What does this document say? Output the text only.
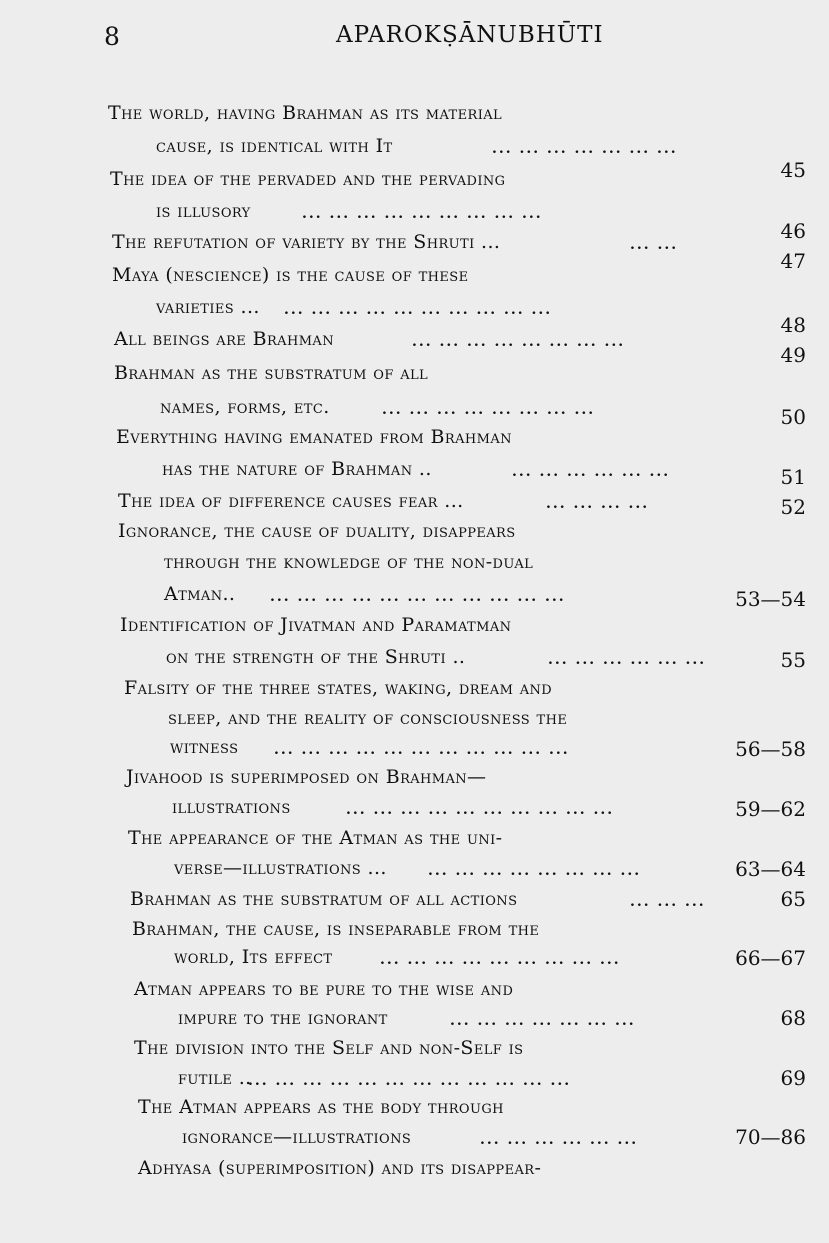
8	APAROKṢĀNUBHŪTI
The world, having Brahman as its material
cause, is identical with It	... ... ... ... ... ... ...
45
The idea of the pervaded and the pervading
is illusory	... ... ... ... ... ... ... ... ...
46
The refutation of variety by the Shruti ...	... ...
47
Maya (nescience) is the cause of these
varieties ... ... ... ... ... ... ... ... ... ... ...
48
All beings are Brahman	... ... ... ... ... ... ... ...
49
Brahman as the substratum of all
names, forms, etc.	... ... ... ... ... ... ... ...	50
Everything having emanated from Brahman
has the nature of Brahman ..	... ... ... ... ... ...	51
The idea of difference causes fear ...	... ... ... ...	52
Ignorance, the cause of duality, disappears
through the knowledge of the non-dual
Atman.. ... ... ... ... ... ... ... ... ... ... ...	53—54
Identification of Jivatman and Paramatman
on the strength of the Shruti ..	... ... ... ... ... ...	55
Falsity of the three states, waking, dream and
sleep, and the reality of consciousness the
witness	... ... ... ... ... ... ... ... ... ... ...	56—58
Jivahood is superimposed on Brahman—
illustrations	... ... ... ... ... ... ... ... ... ...	59—62
The appearance of the Atman as the uni-
verse—illustrations ...	... ... ... ... ... ... ... ...	63—64
Brahman as the substratum of all actions	... ... ...	65
Brahman, the cause, is inseparable from the
world, Its effect	... ... ... ... ... ... ... ... ...	66—67
Atman appears to be pure to the wise and
impure to the ignorant	... ... ... ... ... ... ...	68
The division into the Self and non-Self is
futile ..
... ... ... ... ... ... ... ... ... ... ... ...	69
The Atman appears as the body through
ignorance—illustrations	... ... ... ... ... ...	70—86
Adhyasa (superimposition) and its disappear-
